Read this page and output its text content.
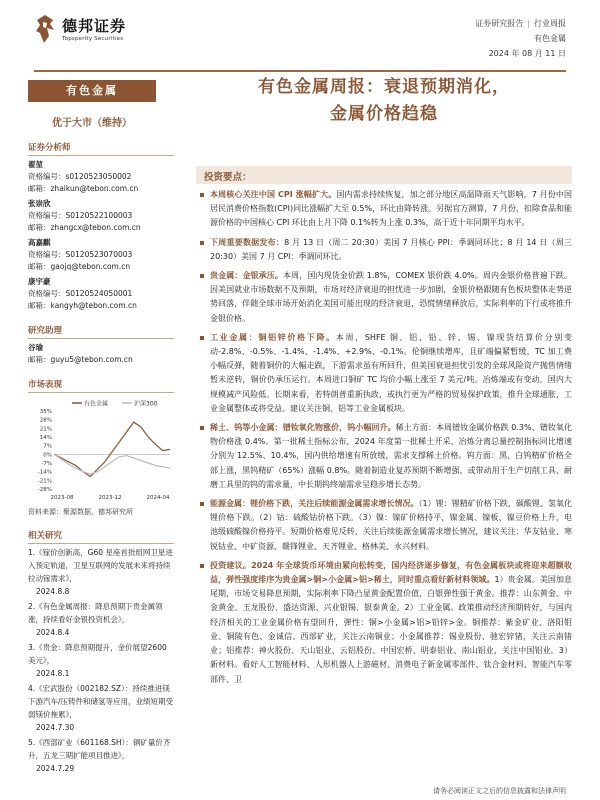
德邦证券
Topsperity Securities
证券研究报告 | 行业周报
有色金属
2024 年 08 月 11 日
有色金属
优于大市（维持）
证券分析师
翟堃
资格编号：s0120523050002
邮箱：zhaikun@tebon.com.cn
张崇欣
资格编号：S0120522100003
邮箱：zhangcx@tebon.com.cn
高嘉麒
资格编号：S0120523070003
邮箱：gaojq@tebon.com.cn
康宇豪
资格编号：S0120524050001
邮箱：kangyh@tebon.com.cn
研究助理
谷瑜
邮箱：guyu5@tebon.com.cn
市场表现
有色金属	沪深300
35%
28%
21%
14%
7%
0%
-7%
-14%
-21%
-28%
2023-08	2023-12	2024-04
资料来源：聚源数据，德邦研究所
相关研究
1.《镓价创新高，G60 星座首批组网卫星进入预定轨道，卫星互联网的发展未来将持续拉动镓需求》，
2024.8.8
2.《有色金属周报：降息预期下贵金属领涨，持续看好金银投资机会》，
2024.8.4
3.《贵金：降息预期提升，金价展望2600 美元》，
2024.8.1
4.《宏武股份（002182.SZ）：持续推进镁下游汽车/压铸件和储氢等应用，业绩短期受弱镁价拖累》，
2024.7.30
5.《西部矿业（601168.SH）：铜矿量价齐升，五龙三期扩能项目推进》，
2024.7.29
有色金属周报：衰退预期消化，
金属价格趋稳
投资要点：
本周核心关注中国 CPI 涨幅扩大。国内需求持续恢复，加之部分地区高温降雨天气影响，7 月份中国居民消费价格指数(CPI)同比涨幅扩大至 0.5%，环比由降转涨。另据官方测算，7 月份，扣除食品和能源价格的中国核心 CPI 环比由上月下降 0.1%转为上涨 0.3%，高于近十年同期平均水平。
下周重要数据发布：8 月 13 日（周二 20:30）美国 7 月核心 PPI：季调同环比；8 月 14 日（周三 20:30）美国 7 月 CPI：季调同环比。
贵金属：金银承压。本周，国内现货金价跌 1.8%，COMEX 银价跌 4.0%。周内金银价格普遍下跌。因美国就业市场数据不及预期，市场对经济衰退的担忧进一步加剧，金银价格跟随有色板块整体走势逆势回落，伴随全球市场开始消化美国可能出现的经济衰退，恐慌情绪释放后，实际利率的下行或将推升金银价格。
工业金属：铜铝锌价格下降。本周，SHFE 铜、铝、铅、锌、锡、镍现货结算价分别变动-2.8%、-0.5%、-1.4%、-1.4%、+2.9%、-0.1%。伦铜继续增库，且矿端偏紧暂缓，TC 加工费小幅反弹，随着铜价的大幅走跌，下游需求虽有所回升，但美国衰退担忧引发的全球风险资产抛售情绪暂未逆转，铜价仍承压运行。本周进口铜矿 TC 均价小幅上涨至 7 美元/吨。冶炼端或有变动，国内大规模减产风险低。长期来看，若特朗普重新执政，或执行更为严格的贸易保护政策，推升全球通胀，工业金属整体或将受益。建议关注铜、铝等工业金属板块。
稀土、钨等小金属：镨钕氧化物涨价，钨小幅回升。稀土方面：本周镨钕金属价格跌 0.3%、镨钕氧化物价格涨 0.4%。第一批稀土指标公布，2024 年度第一批稀土开采、冶炼分离总量控制指标同比增速分别为 12.5%、10.4%，国内供给增速有所放缓，需求支撑稀土价格。钨方面：黑、白钨精矿价格全部上涨，黑钨精矿（65%）涨幅 0.8%。随着制造业复苏预期不断增强，或带动用于生产切削工具、耐磨工具里的钨的需求量，中长期钨终端需求呈稳步增长态势。
能源金属：锂价格下跌，关注后续能源金属需求增长情况。（1）锂：锂精矿价格下跌，碳酸锂、氢氧化锂价格下跌。（2）钴：硫酸钴价格下跌。（3）镍：镍矿价格持平，镍金属、镍板、镍豆价格上升，电池级硫酸镍价格持平。短期价格难见反转，关注后续能源金属需求增长情况，建议关注：华友钴业、寒锐钴业、中矿资源、赣锋锂业、天齐锂业、格林美、永兴材料。
投资建议。2024 年全球货币环境由紧向松转变，国内经济逐步修复，有色金属板块或将迎来超额收益，弹性强度排序为贵金属>铜>小金属>铝>稀土，同时重点看好新材料领域。1）贵金属。美国加息尾期，市场交易降息预期，实际利率下降凸显黄金配置价值，白银弹性强于黄金。推荐：山东黄金、中金黄金、玉龙股份、盛达资源、兴业银锡、银泰黄金。2）工业金属。政策推动经济预期转好，与国内经济相关的工业金属价格有望回升，弹性：铜>小金属>铝>铅锌>金。铜推荐：紫金矿业、洛阳钼业、铜陵有色、金诚信、西部矿业，关注云南铜业；小金属推荐：锡业股份、驰宏锌锗，关注云南锗业；铝推荐：神火股份、天山铝业、云铝股份、中国宏桥、明泰铝业、南山铝业，关注中国铝业。3）新材料。看好人工智能材料、人形机器人上游磁材、消费电子新金属零部件、钛合金材料、智能汽车零部件、卫
请务必阅读正文之后的信息披露和法律声明
